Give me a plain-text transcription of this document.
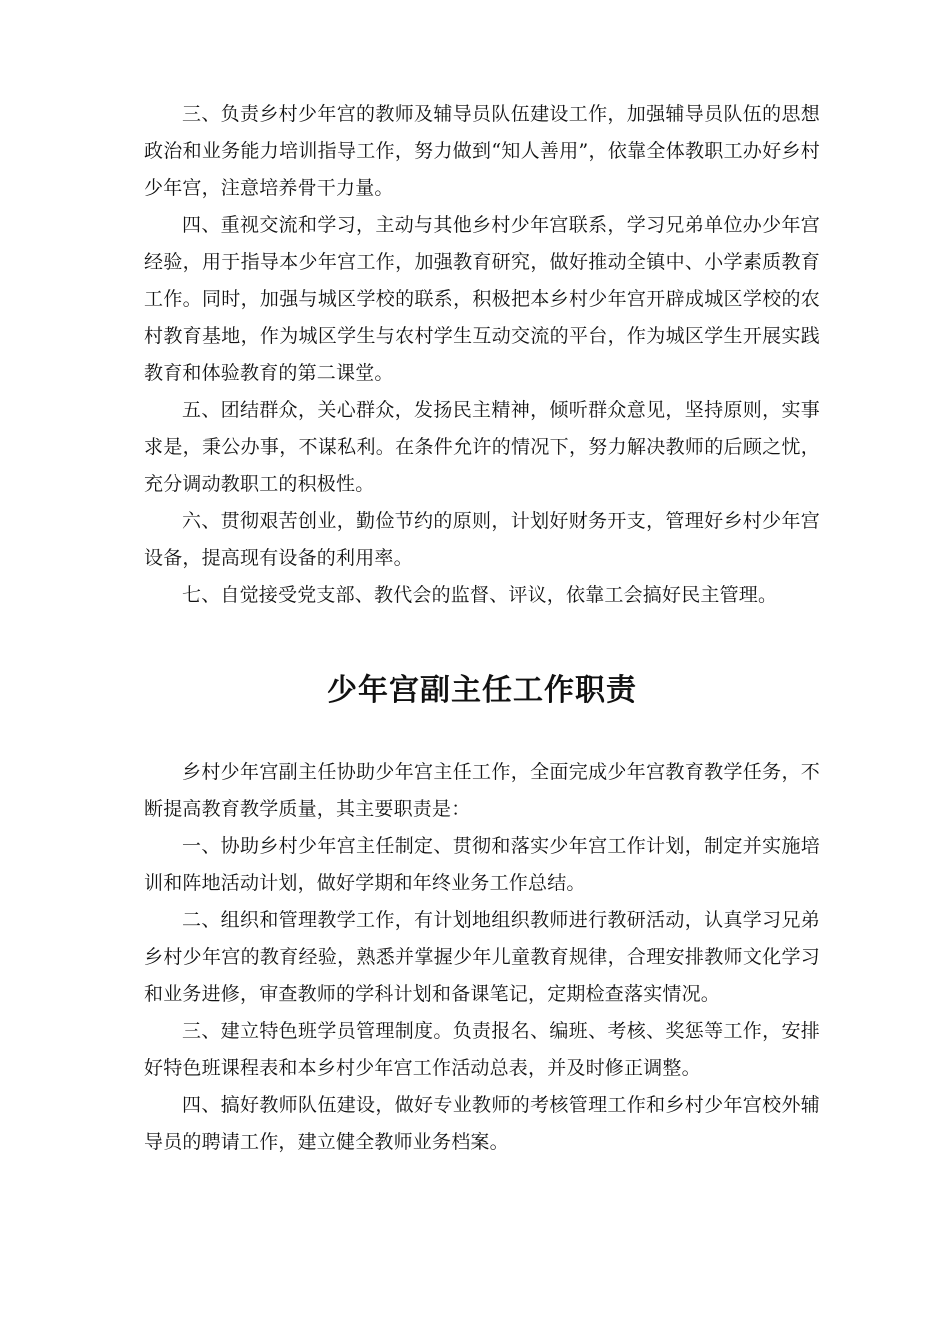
三、负责乡村少年宫的教师及辅导员队伍建设工作，加强辅导员队伍的思想政治和业务能力培训指导工作，努力做到“知人善用”，依靠全体教职工办好乡村少年宫，注意培养骨干力量。

四、重视交流和学习，主动与其他乡村少年宫联系，学习兄弟单位办少年宫经验，用于指导本少年宫工作，加强教育研究，做好推动全镇中、小学素质教育工作。同时，加强与城区学校的联系，积极把本乡村少年宫开辟成城区学校的农村教育基地，作为城区学生与农村学生互动交流的平台，作为城区学生开展实践教育和体验教育的第二课堂。

五、团结群众，关心群众，发扬民主精神，倾听群众意见，坚持原则，实事求是，秉公办事，不谋私利。在条件允许的情况下，努力解决教师的后顾之忧，充分调动教职工的积极性。

六、贯彻艰苦创业，勤俭节约的原则，计划好财务开支，管理好乡村少年宫设备，提高现有设备的利用率。

七、自觉接受党支部、教代会的监督、评议，依靠工会搞好民主管理。

少年宫副主任工作职责

乡村少年宫副主任协助少年宫主任工作，全面完成少年宫教育教学任务，不断提高教育教学质量，其主要职责是：

一、协助乡村少年宫主任制定、贯彻和落实少年宫工作计划，制定并实施培训和阵地活动计划，做好学期和年终业务工作总结。

二、组织和管理教学工作，有计划地组织教师进行教研活动，认真学习兄弟乡村少年宫的教育经验，熟悉并掌握少年儿童教育规律，合理安排教师文化学习和业务进修，审查教师的学科计划和备课笔记，定期检查落实情况。

三、建立特色班学员管理制度。负责报名、编班、考核、奖惩等工作，安排好特色班课程表和本乡村少年宫工作活动总表，并及时修正调整。

四、搞好教师队伍建设，做好专业教师的考核管理工作和乡村少年宫校外辅导员的聘请工作，建立健全教师业务档案。
